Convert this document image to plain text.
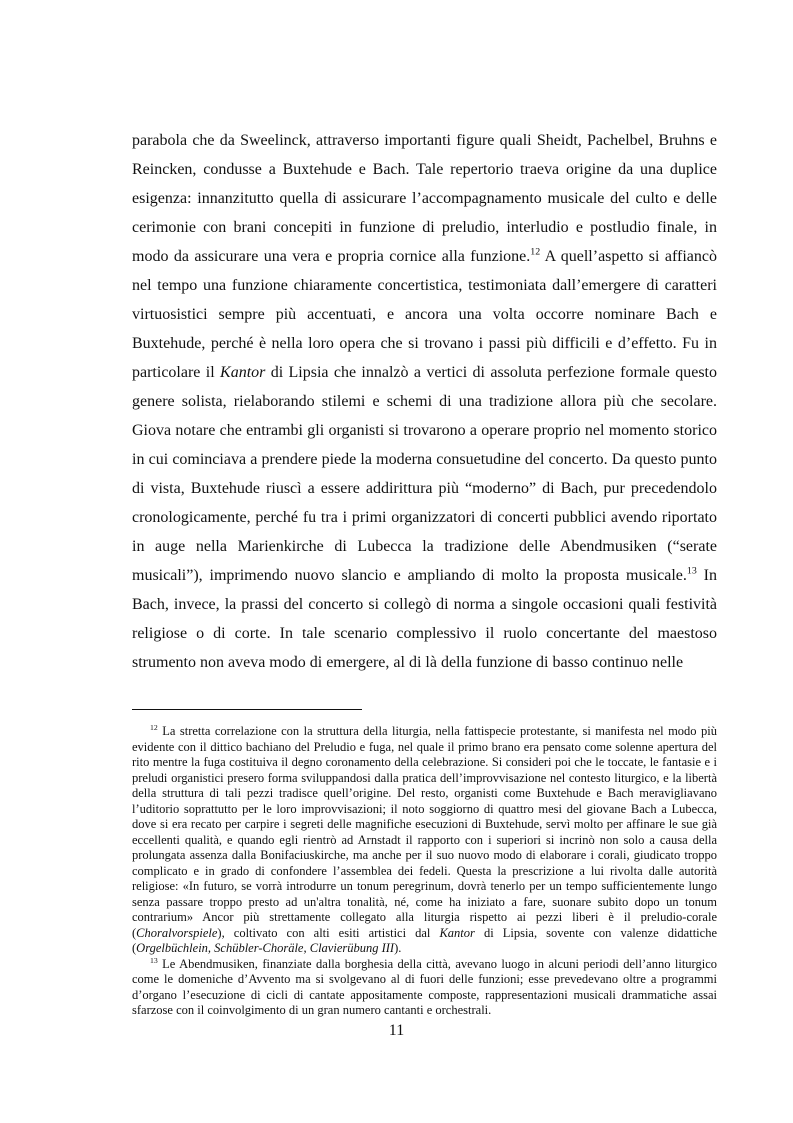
parabola che da Sweelinck, attraverso importanti figure quali Sheidt, Pachelbel, Bruhns e Reincken, condusse a Buxtehude e Bach. Tale repertorio traeva origine da una duplice esigenza: innanzitutto quella di assicurare l’accompagnamento musicale del culto e delle cerimonie con brani concepiti in funzione di preludio, interludio e postludio finale, in modo da assicurare una vera e propria cornice alla funzione.$^{12}$ A quell’aspetto si affiancò nel tempo una funzione chiaramente concertistica, testimoniata dall’emergere di caratteri virtuosistici sempre più accentuati, e ancora una volta occorre nominare Bach e Buxtehude, perché è nella loro opera che si trovano i passi più difficili e d’effetto. Fu in particolare il Kantor di Lipsia che innalzò a vertici di assoluta perfezione formale questo genere solista, rielaborando stilemi e schemi di una tradizione allora più che secolare. Giova notare che entrambi gli organisti si trovarono a operare proprio nel momento storico in cui cominciava a prendere piede la moderna consuetudine del concerto. Da questo punto di vista, Buxtehude riuscì a essere addirittura più “moderno” di Bach, pur precedendolo cronologicamente, perché fu tra i primi organizzatori di concerti pubblici avendo riportato in auge nella Marienkirche di Lubecca la tradizione delle Abendmusiken (“serate musicali”), imprimendo nuovo slancio e ampliando di molto la proposta musicale.$^{13}$ In Bach, invece, la prassi del concerto si collegò di norma a singole occasioni quali festività religiose o di corte. In tale scenario complessivo il ruolo concertante del maestoso strumento non aveva modo di emergere, al di là della funzione di basso continuo nelle

$^{12}$ La stretta correlazione con la struttura della liturgia, nella fattispecie protestante, si manifesta nel modo più evidente con il dittico bachiano del Preludio e fuga, nel quale il primo brano era pensato come solenne apertura del rito mentre la fuga costituiva il degno coronamento della celebrazione. Si consideri poi che le toccate, le fantasie e i preludi organistici presero forma sviluppandosi dalla pratica dell’improvvisazione nel contesto liturgico, e la libertà della struttura di tali pezzi tradisce quell’origine. Del resto, organisti come Buxtehude e Bach meravigliavano l’uditorio soprattutto per le loro improvvisazioni; il noto soggiorno di quattro mesi del giovane Bach a Lubecca, dove si era recato per carpire i segreti delle magnifiche esecuzioni di Buxtehude, servì molto per affinare le sue già eccellenti qualità, e quando egli rientrò ad Arnstadt il rapporto con i superiori si incrinò non solo a causa della prolungata assenza dalla Bonifaciuskirche, ma anche per il suo nuovo modo di elaborare i corali, giudicato troppo complicato e in grado di confondere l’assemblea dei fedeli. Questa la prescrizione a lui rivolta dalle autorità religiose: «In futuro, se vorrà introdurre un tonum peregrinum, dovrà tenerlo per un tempo sufficientemente lungo senza passare troppo presto ad un'altra tonalità, né, come ha iniziato a fare, suonare subito dopo un tonum contrarium» Ancor più strettamente collegato alla liturgia rispetto ai pezzi liberi è il preludio-corale (Choralvorspiele), coltivato con alti esiti artistici dal Kantor di Lipsia, sovente con valenze didattiche (Orgelbüchlein, Schübler-Choräle, Clavierübung III).

$^{13}$ Le Abendmusiken, finanziate dalla borghesia della città, avevano luogo in alcuni periodi dell’anno liturgico come le domeniche d’Avvento ma si svolgevano al di fuori delle funzioni; esse prevedevano oltre a programmi d’organo l’esecuzione di cicli di cantate appositamente composte, rappresentazioni musicali drammatiche assai sfarzose con il coinvolgimento di un gran numero cantanti e orchestrali.

11
